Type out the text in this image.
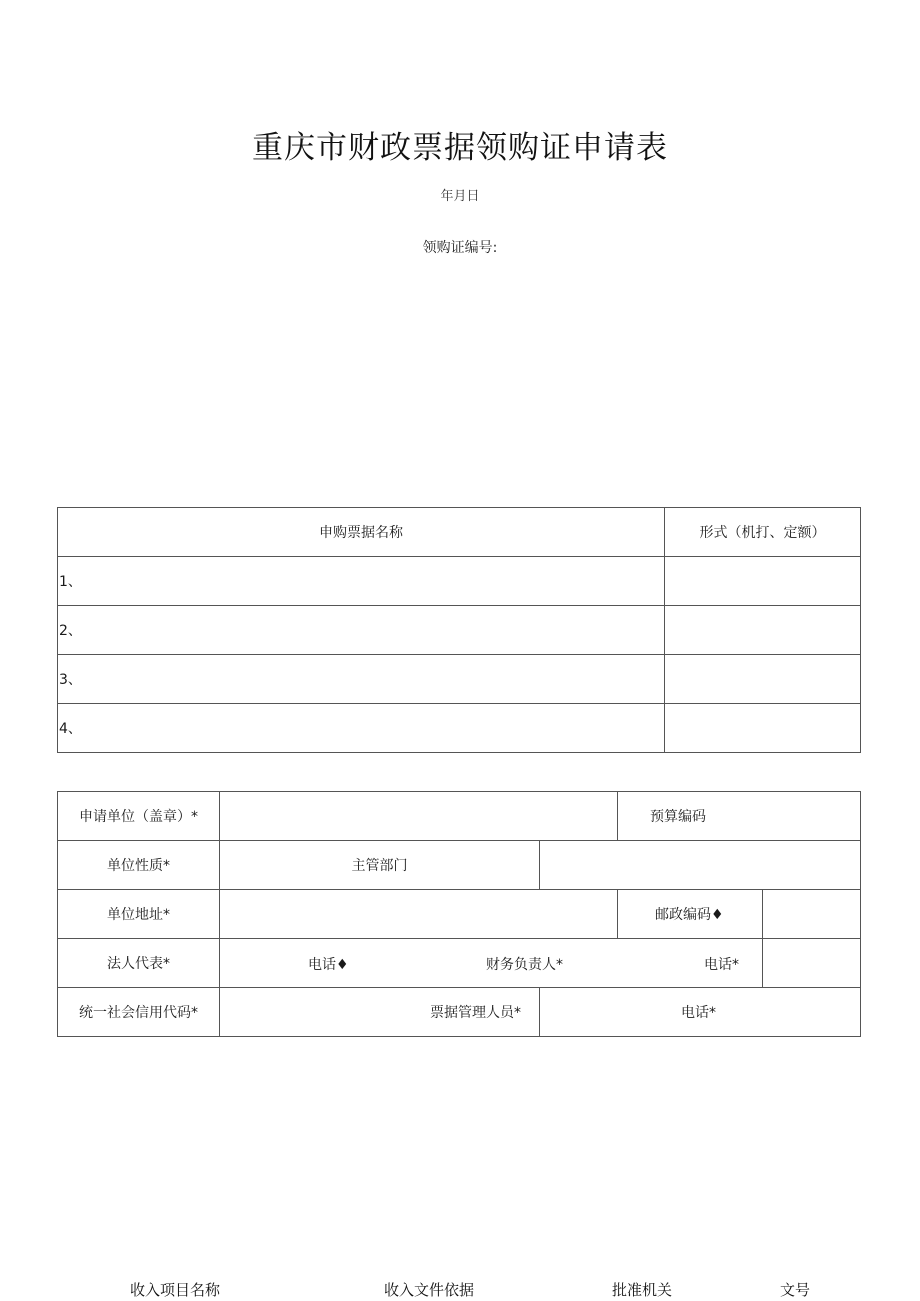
重庆市财政票据领购证申请表
年月日
领购证编号:
申购票据名称	形式（机打、定额）
1、	
2、	
3、	
4、	
申请单位（盖章）*			预算编码	
单位性质*	主管部门			
单位地址*			邮政编码♦	
法人代表*	电话♦ 财务负责人* 电话*			

统一社会信用代码*	票据管理人员*	电话*		
收入项目名称	收入文件依据	批准机关	文号
